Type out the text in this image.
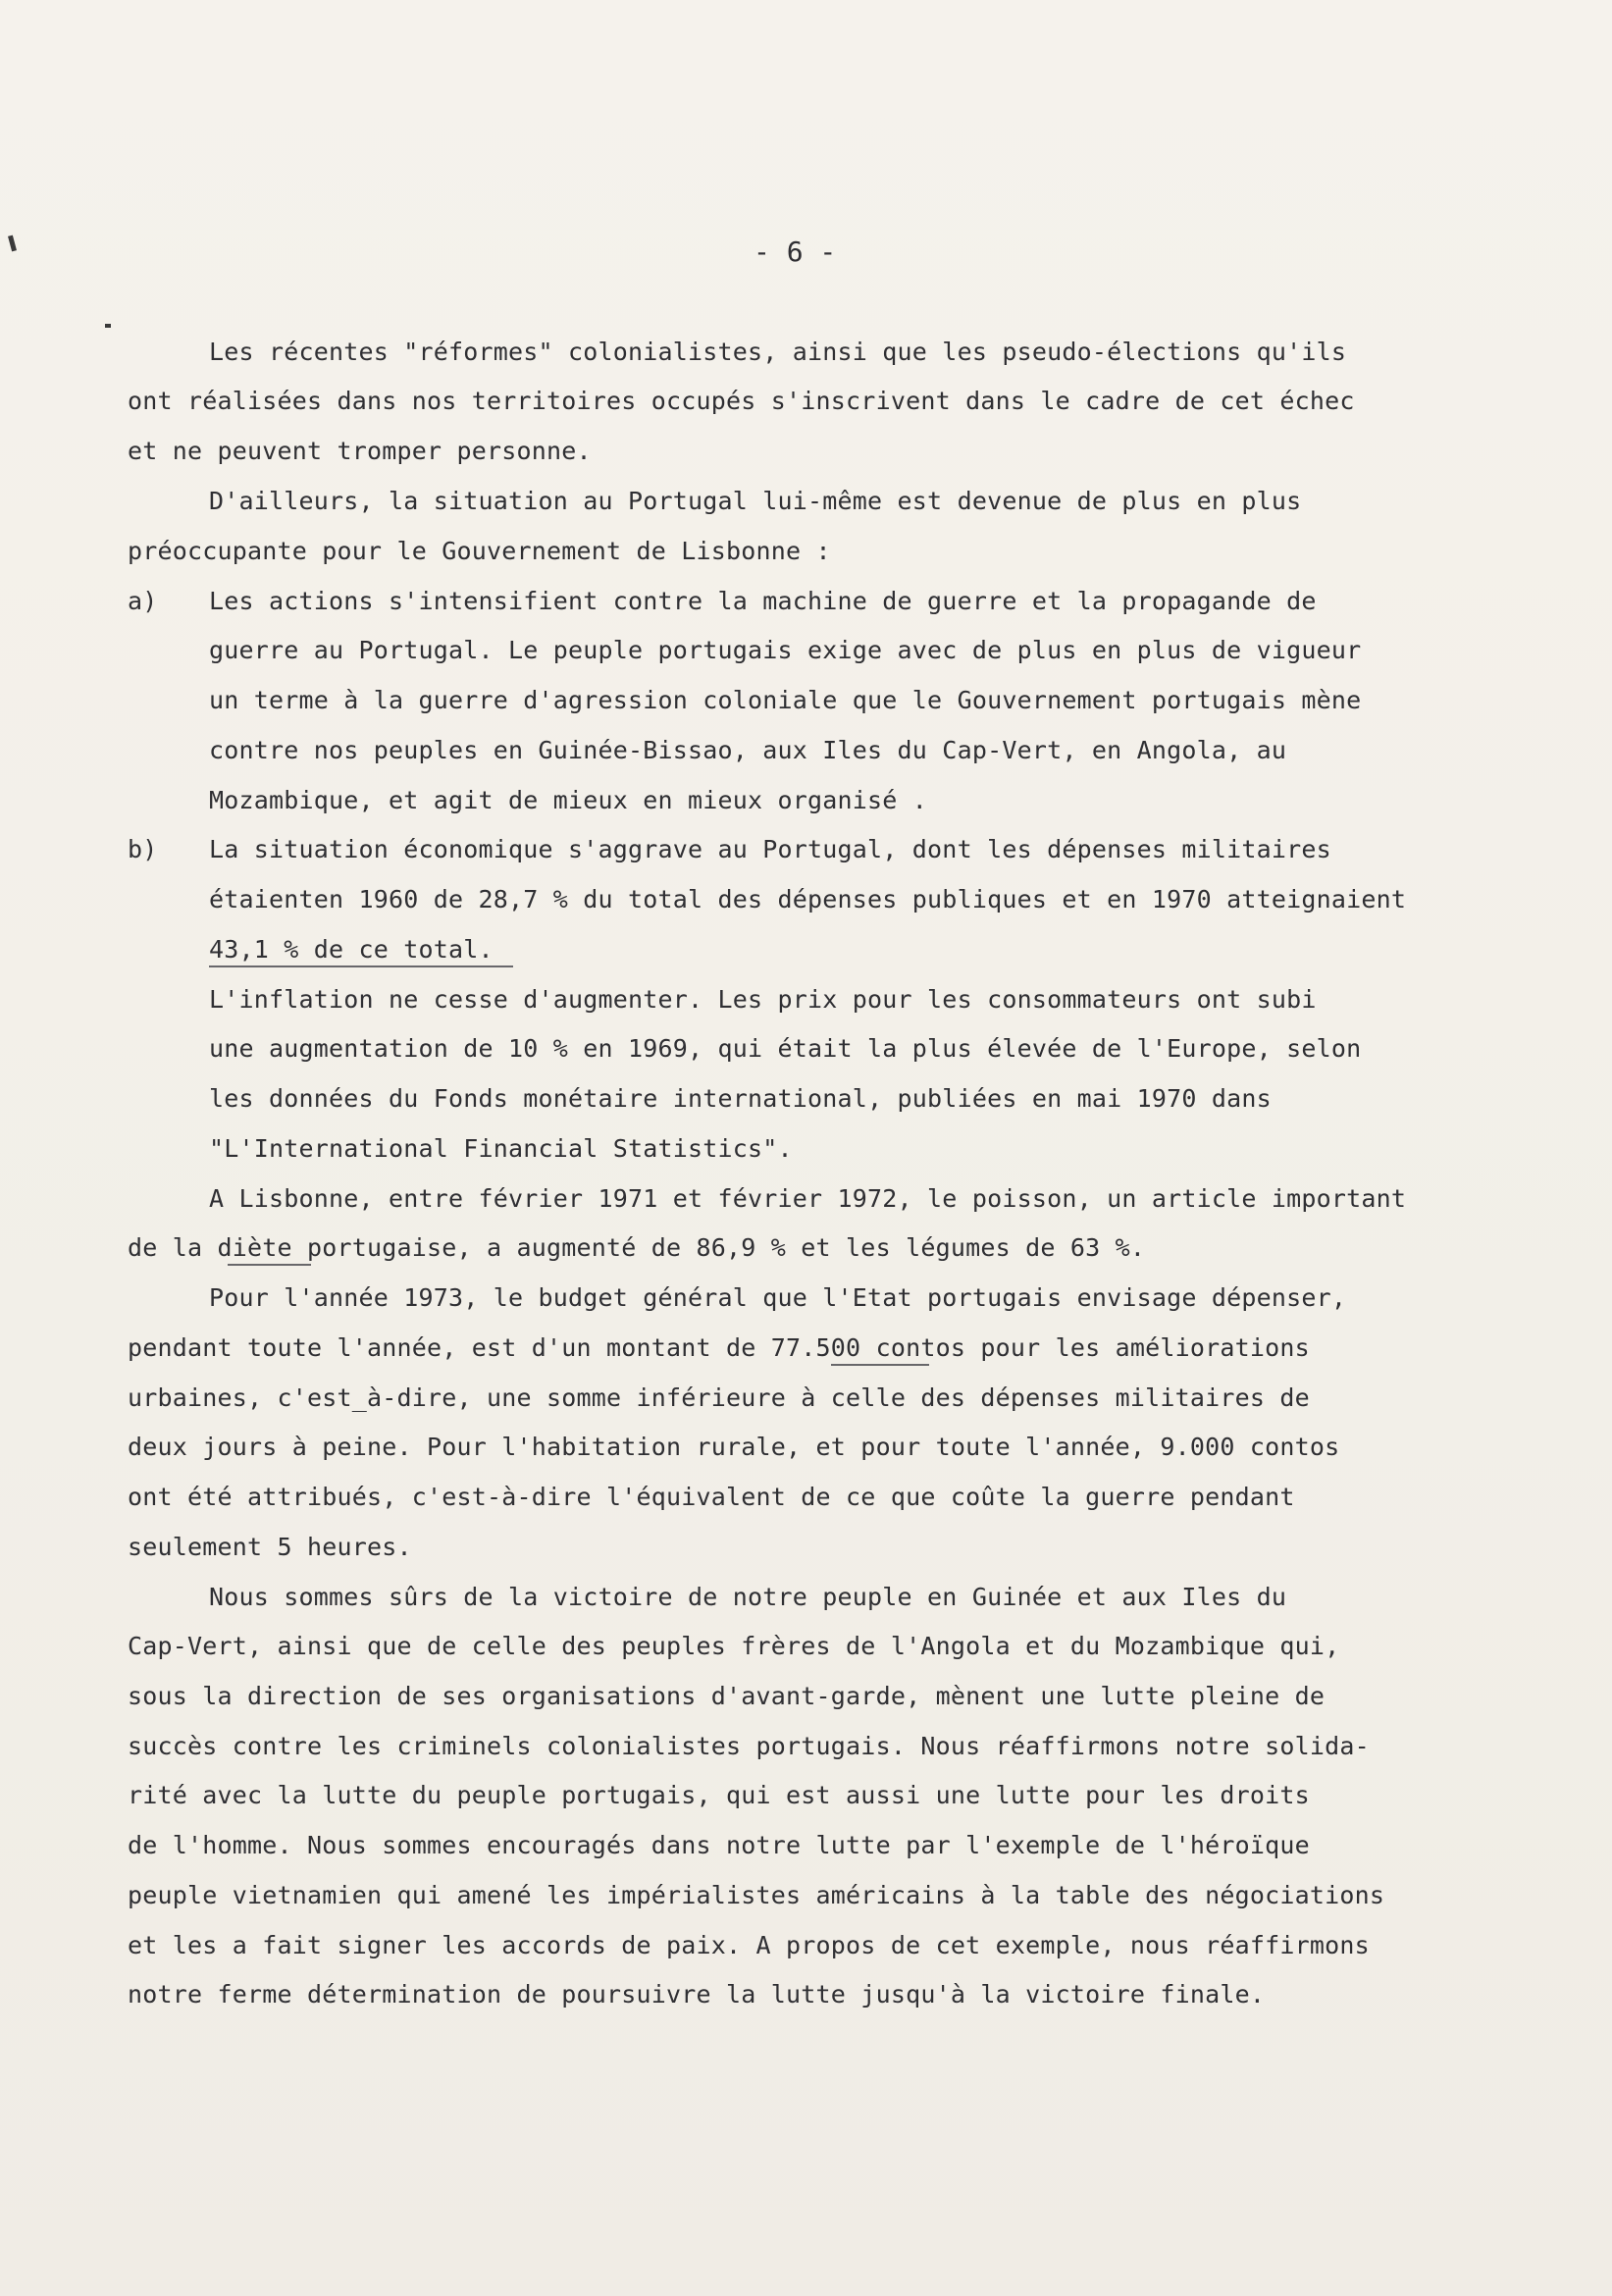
- 6 -
Les récentes "réformes" colonialistes, ainsi que les pseudo-élections qu'ils
ont réalisées dans nos territoires occupés s'inscrivent dans le cadre de cet échec
et ne peuvent tromper personne.
D'ailleurs, la situation au Portugal lui-même est devenue de plus en plus
préoccupante pour le Gouvernement de Lisbonne :
a) Les actions s'intensifient contre la machine de guerre et la propagande de
guerre au Portugal. Le peuple portugais exige avec de plus en plus de vigueur
un terme à la guerre d'agression coloniale que le Gouvernement portugais mène
contre nos peuples en Guinée-Bissao, aux Iles du Cap-Vert, en Angola, au
Mozambique, et agit de mieux en mieux organisé .
b) La situation économique s'aggrave au Portugal, dont les dépenses militaires
étaienten 1960 de 28,7 % du total des dépenses publiques et en 1970 atteignaient
43,1 % de ce total.
L'inflation ne cesse d'augmenter. Les prix pour les consommateurs ont subi
une augmentation de 10 % en 1969, qui était la plus élevée de l'Europe, selon
les données du Fonds monétaire international, publiées en mai 1970 dans
"L'International Financial Statistics".
A Lisbonne, entre février 1971 et février 1972, le poisson, un article important
de la diète portugaise, a augmenté de 86,9 % et les légumes de 63 %.
Pour l'année 1973, le budget général que l'Etat portugais envisage dépenser,
pendant toute l'année, est d'un montant de 77.500 contos pour les améliorations
urbaines, c'est_à-dire, une somme inférieure à celle des dépenses militaires de
deux jours à peine. Pour l'habitation rurale, et pour toute l'année, 9.000 contos
ont été attribués, c'est-à-dire l'équivalent de ce que coûte la guerre pendant
seulement 5 heures.
Nous sommes sûrs de la victoire de notre peuple en Guinée et aux Iles du
Cap-Vert, ainsi que de celle des peuples frères de l'Angola et du Mozambique qui,
sous la direction de ses organisations d'avant-garde, mènent une lutte pleine de
succès contre les criminels colonialistes portugais. Nous réaffirmons notre solida-
rité avec la lutte du peuple portugais, qui est aussi une lutte pour les droits
de l'homme. Nous sommes encouragés dans notre lutte par l'exemple de l'héroïque
peuple vietnamien qui amené les impérialistes américains à la table des négociations
et les a fait signer les accords de paix. A propos de cet exemple, nous réaffirmons
notre ferme détermination de poursuivre la lutte jusqu'à la victoire finale.
